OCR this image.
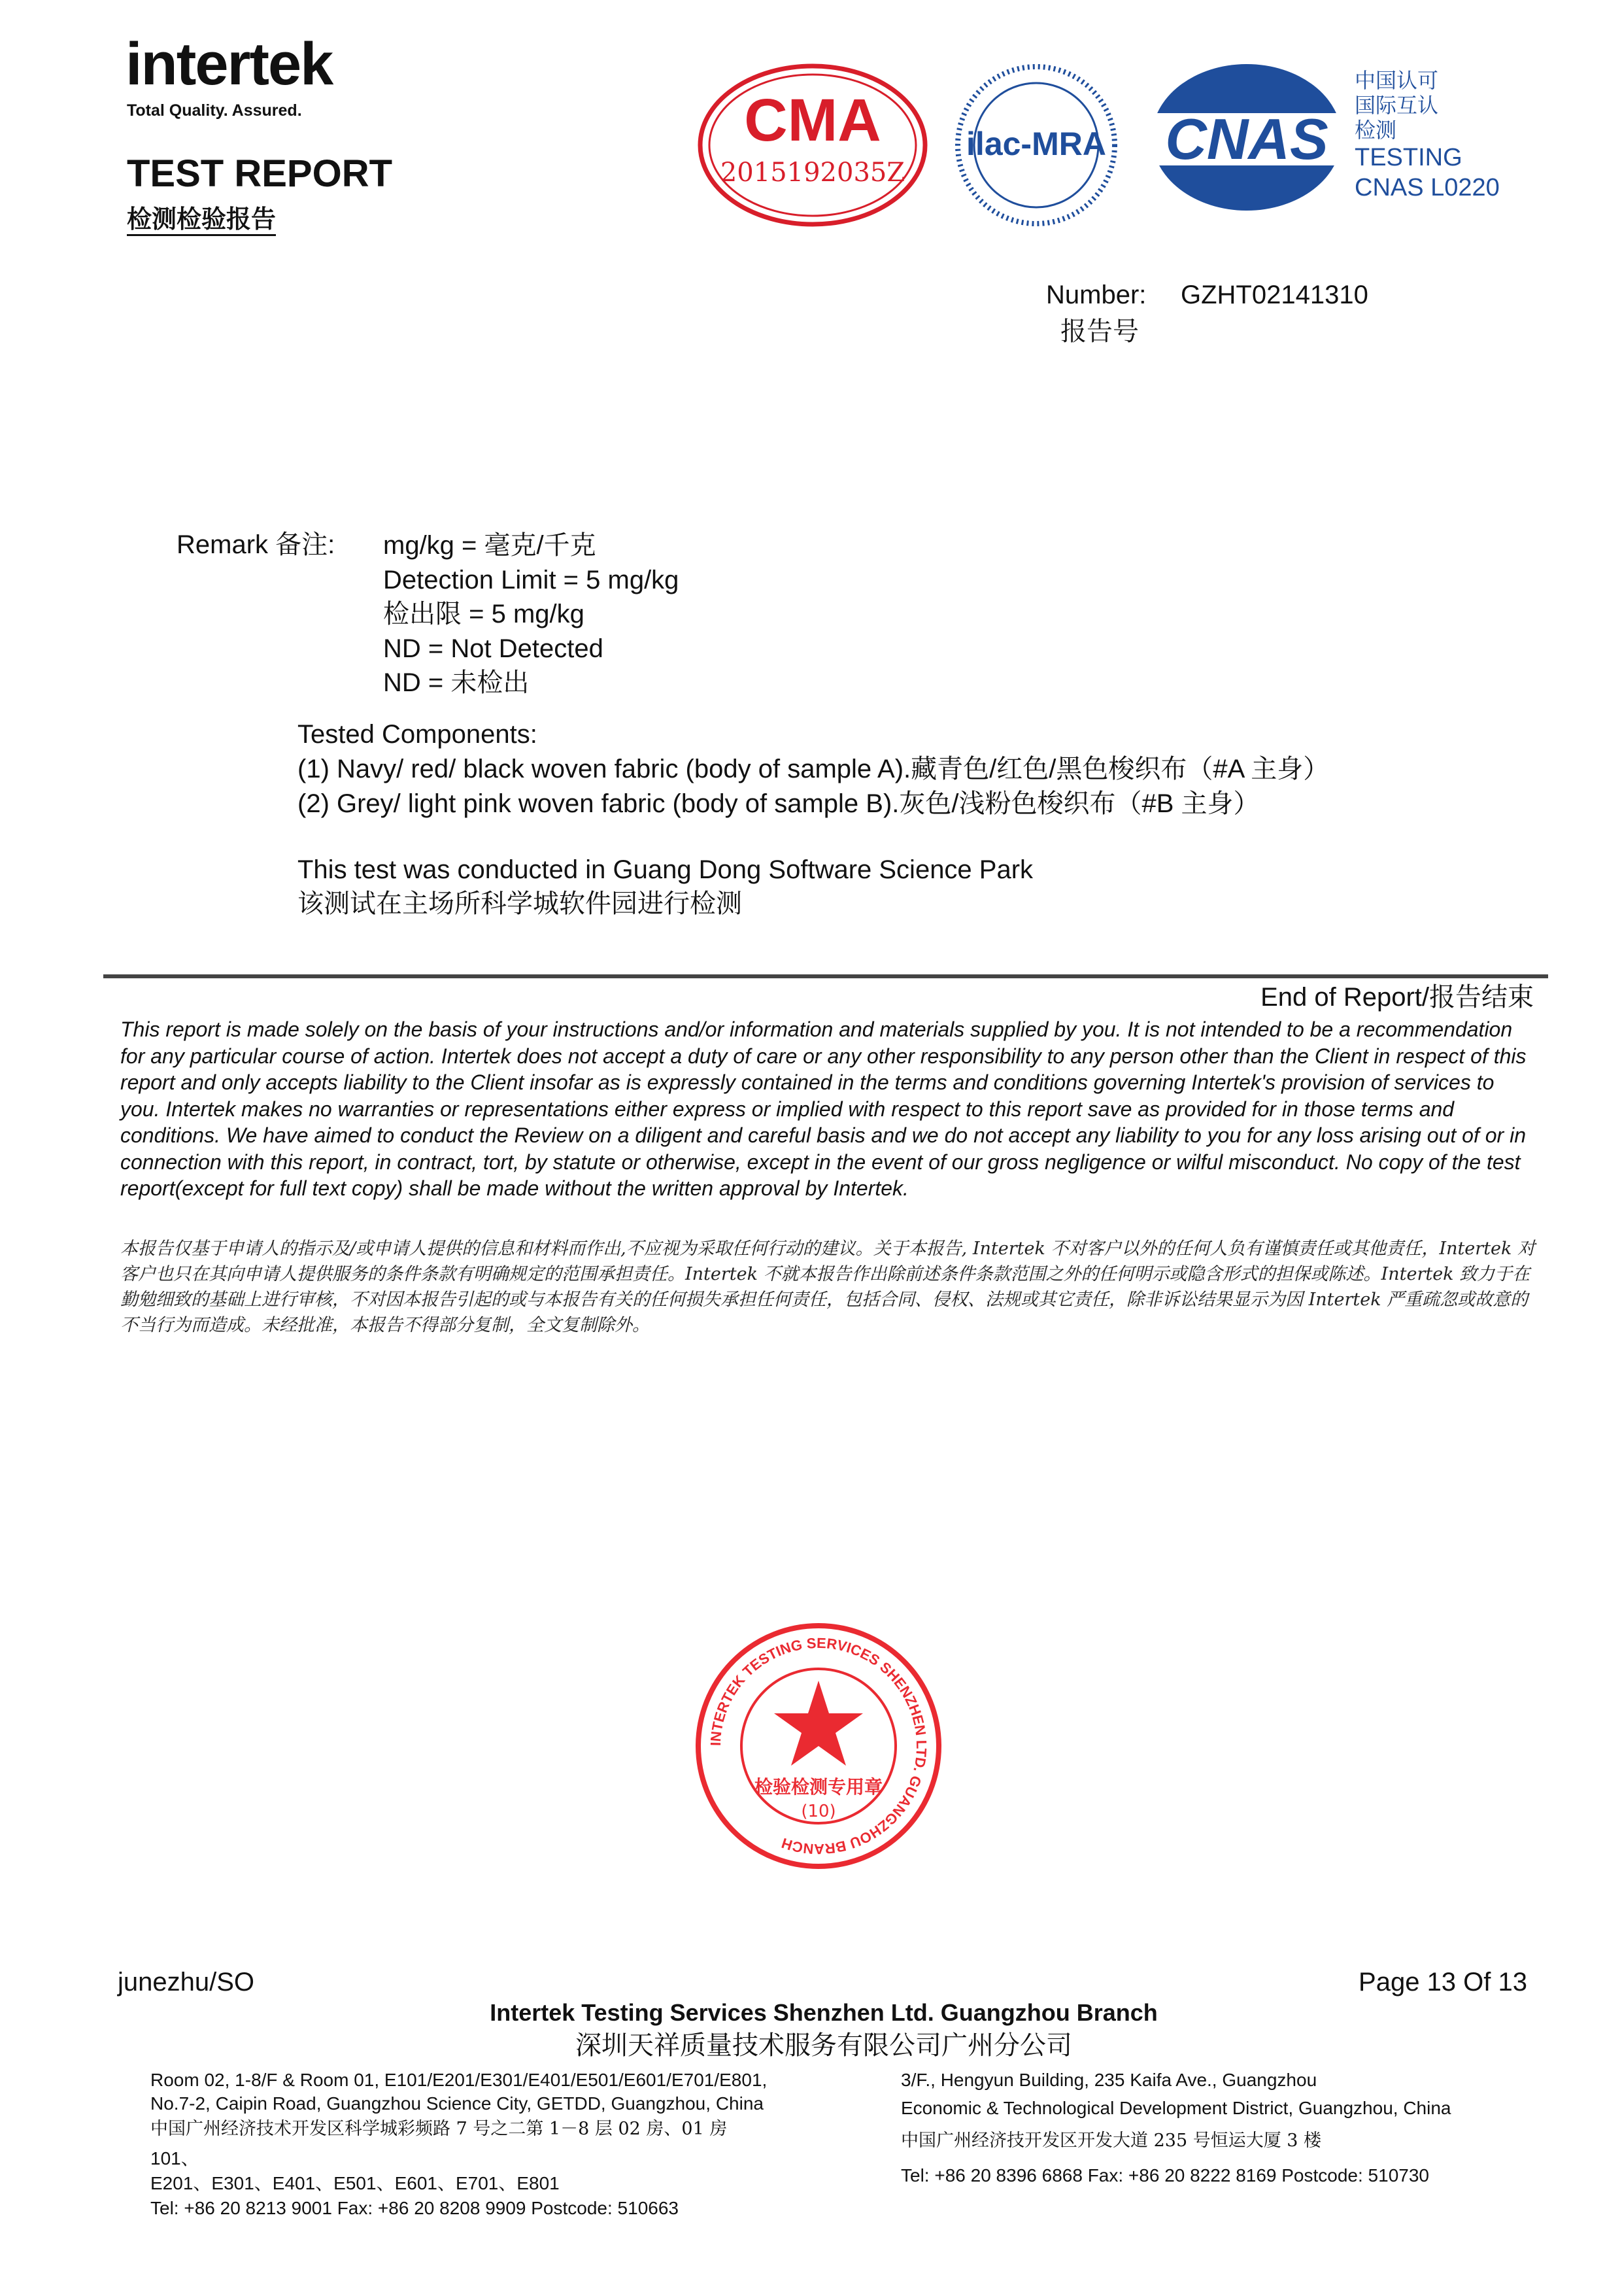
intertek
Total Quality. Assured.
TEST REPORT
检测检验报告
CMA
2015192035Z
ilac-MRA CNAS
中国认可
国际互认
检测
TESTING
CNAS L0220
Number: GZHT02141310
报告号
Remark 备注:	mg/kg = 毫克/千克
Detection Limit = 5 mg/kg
检出限 = 5 mg/kg
ND = Not Detected
ND = 未检出
Tested Components:
(1) Navy/ red/ black woven fabric (body of sample A).藏青色/红色/黑色梭织布（#A 主身）
(2) Grey/ light pink woven fabric (body of sample B).灰色/浅粉色梭织布（#B 主身）
This test was conducted in Guang Dong Software Science Park
该测试在主场所科学城软件园进行检测
End of Report/报告结束
This report is made solely on the basis of your instructions and/or information and materials supplied by you. It is not intended to be a recommendation for any particular course of action. Intertek does not accept a duty of care or any other responsibility to any person other than the Client in respect of this report and only accepts liability to the Client insofar as is expressly contained in the terms and conditions governing Intertek's provision of services to you. Intertek makes no warranties or representations either express or implied with respect to this report save as provided for in those terms and conditions. We have aimed to conduct the Review on a diligent and careful basis and we do not accept any liability to you for any loss arising out of or in connection with this report, in contract, tort, by statute or otherwise, except in the event of our gross negligence or wilful misconduct. No copy of the test report(except for full text copy) shall be made without the written approval by Intertek.
本报告仅基于申请人的指示及/或申请人提供的信息和材料而作出,不应视为采取任何行动的建议。关于本报告, Intertek 不对客户以外的任何人负有谨慎责任或其他责任，Intertek 对客户也只在其向申请人提供服务的条件条款有明确规定的范围承担责任。Intertek 不就本报告作出除前述条件条款范围之外的任何明示或隐含形式的担保或陈述。Intertek 致力于在勤勉细致的基础上进行审核，不对因本报告引起的或与本报告有关的任何损失承担任何责任，包括合同、侵权、法规或其它责任，除非诉讼结果显示为因 Intertek 严重疏忽或故意的不当行为而造成。未经批准，本报告不得部分复制，全文复制除外。
INTERTEK TESTING SERVICES SHENZHEN LTD. GUANGZHOU BRANCH
检验检测专用章
(10)
junezhu/SO	Page 13 Of 13
Intertek Testing Services Shenzhen Ltd. Guangzhou Branch
深圳天祥质量技术服务有限公司广州分公司
Room 02, 1-8/F & Room 01, E101/E201/E301/E401/E501/E601/E701/E801,
No.7-2, Caipin Road, Guangzhou Science City, GETDD, Guangzhou, China
中国广州经济技术开发区科学城彩频路 7 号之二第 1－8 层 02 房、01 房
101、
E201、E301、E401、E501、E601、E701、E801
Tel: +86 20 8213 9001 Fax: +86 20 8208 9909 Postcode: 510663
3/F., Hengyun Building, 235 Kaifa Ave., Guangzhou
Economic & Technological Development District, Guangzhou, China
中国广州经济技开发区开发大道 235 号恒运大厦 3 楼
Tel: +86 20 8396 6868 Fax: +86 20 8222 8169 Postcode: 510730
